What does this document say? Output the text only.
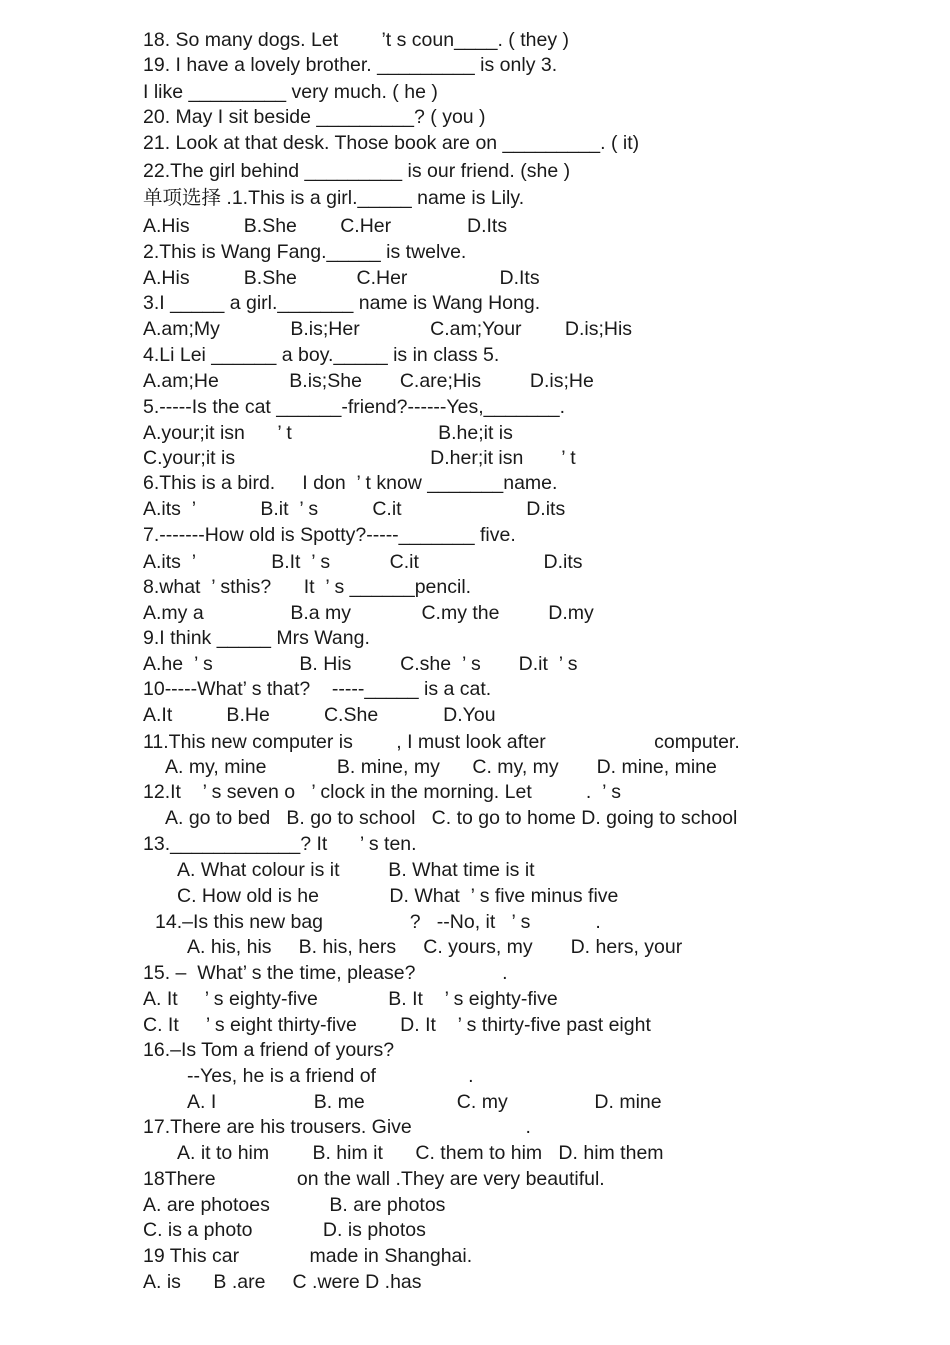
18. So many dogs. Let        ’t s coun____. ( they )
19. I have a lovely brother. _________ is only 3.
I like _________ very much. ( he )
20. May I sit beside _________? ( you )
21. Look at that desk. Those book are on _________. ( it)
22.The girl behind _________ is our friend. (she )
单项选择 .1.This is a girl._____ name is Lily.
A.His          B.She        C.Her              D.Its
2.This is Wang Fang._____ is twelve.
A.His          B.She           C.Her                 D.Its
3.I _____ a girl._______ name is Wang Hong.
A.am;My             B.is;Her             C.am;Your        D.is;His
4.Li Lei ______ a boy._____ is in class 5.
A.am;He             B.is;She       C.are;His         D.is;He
5.-----Is the cat ______-friend?------Yes,_______.
A.your;it isn      ’ t                           B.he;it is
C.your;it is                                    D.her;it isn       ’ t
6.This is a bird.     I don  ’ t know _______name.
A.its  ’            B.it  ’ s          C.it                       D.its
7.-------How old is Spotty?-----_______ five.
A.its  ’              B.It  ’ s           C.it                       D.its
8.what  ’ sthis?      It  ’ s ______pencil.
A.my a                B.a my             C.my the         D.my
9.I think _____ Mrs Wang.
A.he  ’ s                B. His         C.she  ’ s       D.it  ’ s
10-----What’ s that?    -----_____ is a cat.
A.It          B.He          C.She            D.You
11.This new computer is        , I must look after                    computer.
A. my, mine             B. mine, my      C. my, my       D. mine, mine
12.It    ’ s seven o   ’ clock in the morning. Let          .  ’ s
A. go to bed   B. go to school   C. to go to home D. going to school
13.____________? It      ’ s ten.
A. What colour is it         B. What time is it
C. How old is he             D. What  ’ s five minus five
14.–Is this new bag                ?   --No, it   ’ s            .
A. his, his     B. his, hers     C. yours, my       D. hers, your
15. –  What’ s the time, please?                .
A. It     ’ s eighty-five             B. It    ’ s eighty-five
C. It     ’ s eight thirty-five        D. It    ’ s thirty-five past eight
16.–Is Tom a friend of yours?
--Yes, he is a friend of                 .
A. I                  B. me                 C. my                D. mine
17.There are his trousers. Give                     .
A. it to him        B. him it      C. them to him   D. him them
18There               on the wall .They are very beautiful.
A. are photoes           B. are photos
C. is a photo             D. is photos
19 This car             made in Shanghai.
A. is      B .are     C .were D .has
